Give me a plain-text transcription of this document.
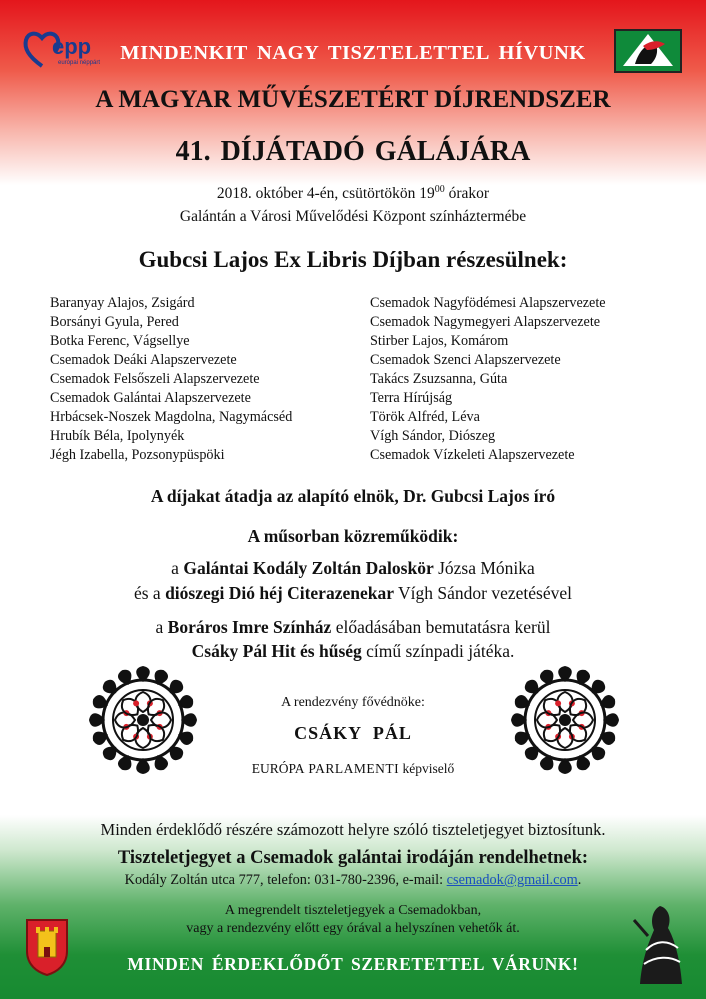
epp
európai néppárt MINDENKIT NAGY TISZTELETTEL HÍVUNK
A MAGYAR MŰVÉSZETÉRT DÍJRENDSZER
41. DÍJÁTADÓ GÁLÁJÁRA
2018. október 4-én, csütörtökön $19^{00}$ órakor
Galántán a Városi Művelődési Központ színháztermébe
Gubcsi Lajos Ex Libris Díjban részesülnek:
Baranyay Alajos, Zsigárd
Borsányi Gyula, Pered
Botka Ferenc, Vágsellye
Csemadok Deáki Alapszervezete
Csemadok Felsőszeli Alapszervezete
Csemadok Galántai Alapszervezete
Hrbácsek-Noszek Magdolna, Nagymácséd
Hrubík Béla, Ipolynyék
Jégh Izabella, Pozsonypüspöki
Csemadok Nagyfödémesi Alapszervezete
Csemadok Nagymegyeri Alapszervezete
Stirber Lajos, Komárom
Csemadok Szenci Alapszervezete
Takács Zsuzsanna, Gúta
Terra Hírújság
Török Alfréd, Léva
Vígh Sándor, Diószeg
Csemadok Vízkeleti Alapszervezete
A díjakat átadja az alapító elnök, Dr. Gubcsi Lajos író
A műsorban közreműködik:
a Galántai Kodály Zoltán Daloskör Józsa Mónika
és a diószegi Dió héj Citerazenekar Vígh Sándor vezetésével
a Boráros Imre Színház előadásában bemutatásra kerül
Csáky Pál Hit és hűség című színpadi játéka.
A rendezvény fővédnöke:
CSÁKY PÁL
EURÓPA PARLAMENTI képviselő
Minden érdeklődő részére számozott helyre szóló tiszteletjegyet biztosítunk.
Tiszteletjegyet a Csemadok galántai irodáján rendelhetnek:
Kodály Zoltán utca 777, telefon: 031-780-2396, e-mail: csemadok@gmail.com.
A megrendelt tiszteletjegyek a Csemadokban,
vagy a rendezvény előtt egy órával a helyszínen vehetők át.
MINDEN ÉRDEKLŐDŐT SZERETETTEL VÁRUNK!
